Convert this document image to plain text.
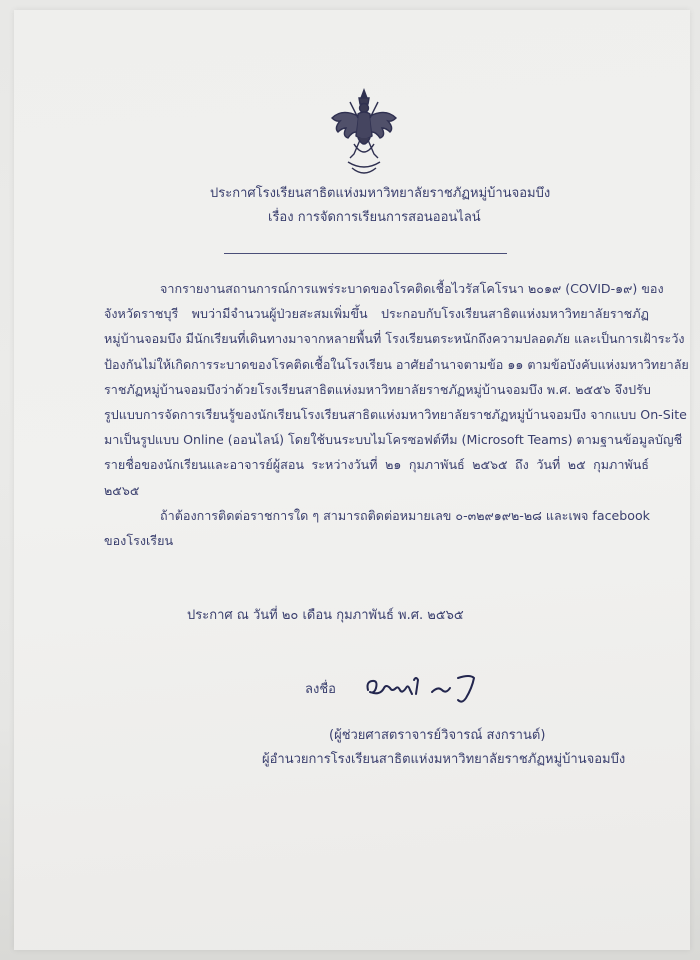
ประกาศโรงเรียนสาธิตแห่งมหาวิทยาลัยราชภัฏหมู่บ้านจอมบึง
เรื่อง การจัดการเรียนการสอนออนไลน์
จากรายงานสถานการณ์การแพร่ระบาดของโรคติดเชื้อไวรัสโคโรนา ๒๐๑๙ (COVID-๑๙) ของ
จังหวัดราชบุรี พบว่ามีจำนวนผู้ป่วยสะสมเพิ่มขึ้น ประกอบกับโรงเรียนสาธิตแห่งมหาวิทยาลัยราชภัฏ
หมู่บ้านจอมบึง มีนักเรียนที่เดินทางมาจากหลายพื้นที่ โรงเรียนตระหนักถึงความปลอดภัย และเป็นการเฝ้าระวัง
ป้องกันไม่ให้เกิดการระบาดของโรคติดเชื้อในโรงเรียน อาศัยอำนาจตามข้อ ๑๑ ตามข้อบังคับแห่งมหาวิทยาลัย
ราชภัฏหมู่บ้านจอมบึงว่าด้วยโรงเรียนสาธิตแห่งมหาวิทยาลัยราชภัฏหมู่บ้านจอมบึง พ.ศ. ๒๕๕๖ จึงปรับ
รูปแบบการจัดการเรียนรู้ของนักเรียนโรงเรียนสาธิตแห่งมหาวิทยาลัยราชภัฏหมู่บ้านจอมบึง จากแบบ On-Site
มาเป็นรูปแบบ Online (ออนไลน์) โดยใช้บนระบบไมโครซอฟต์ทีม (Microsoft Teams) ตามฐานข้อมูลบัญชี
รายชื่อของนักเรียนและอาจารย์ผู้สอน ระหว่างวันที่ ๒๑ กุมภาพันธ์ ๒๕๖๕ ถึง วันที่ ๒๕ กุมภาพันธ์
๒๕๖๕
ถ้าต้องการติดต่อราชการใด ๆ สามารถติดต่อหมายเลข ๐-๓๒๙๑๙๒-๒๘ และเพจ facebook
ของโรงเรียน
ประกาศ ณ วันที่ ๒๐ เดือน กุมภาพันธ์ พ.ศ. ๒๕๖๕
ลงชื่อ
(ผู้ช่วยศาสตราจารย์วิจารณ์ สงกรานต์)
ผู้อำนวยการโรงเรียนสาธิตแห่งมหาวิทยาลัยราชภัฏหมู่บ้านจอมบึง
